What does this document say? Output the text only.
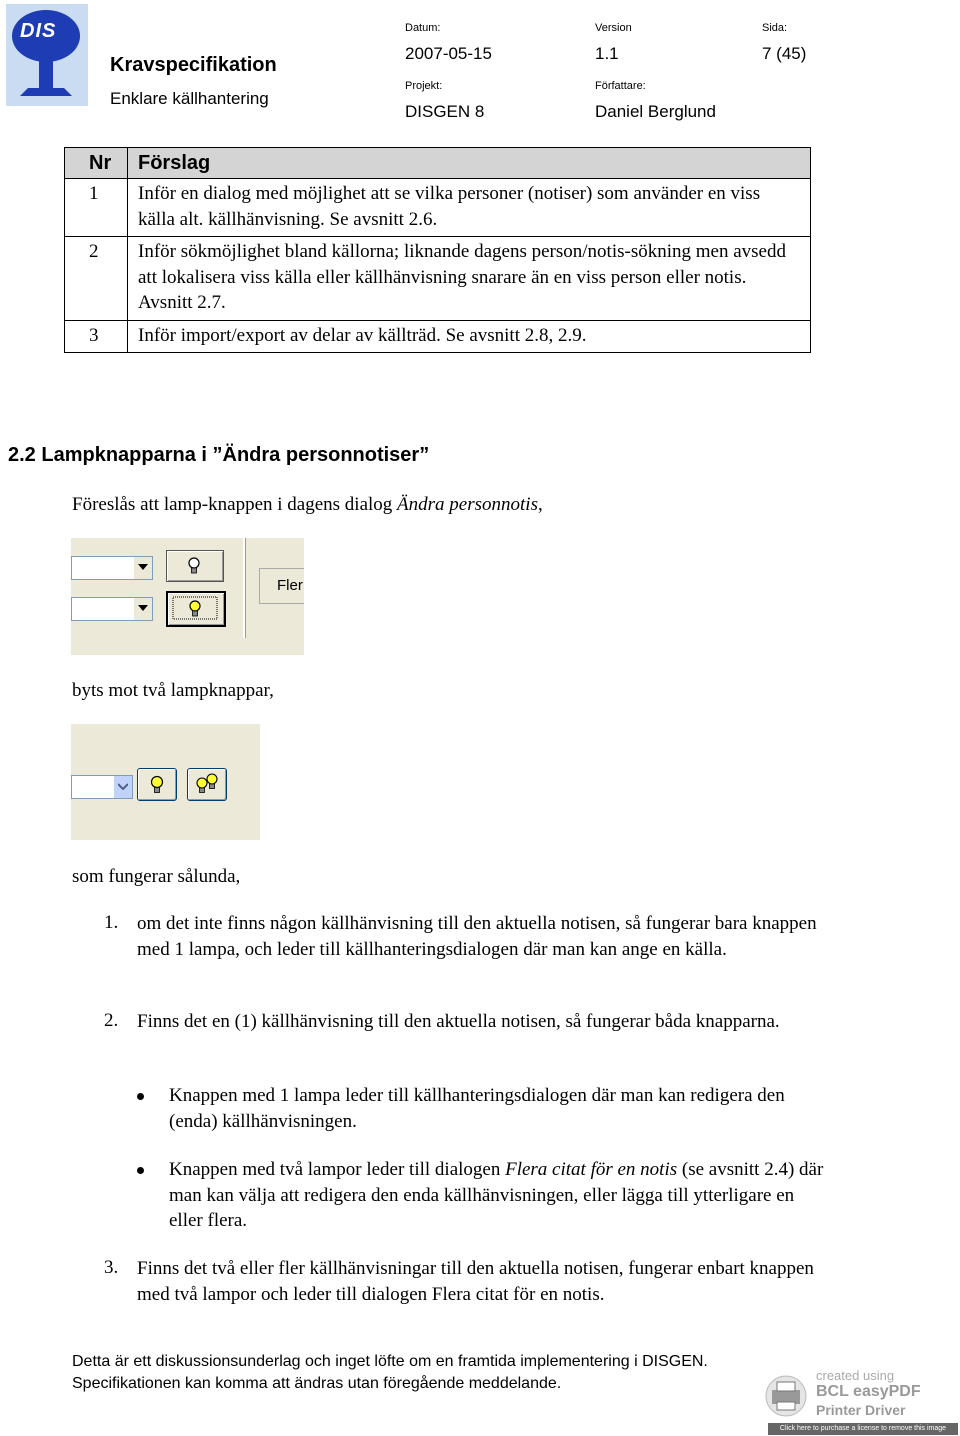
DIS
Kravspecifikation
Enklare källhantering
Datum:
2007-05-15
Version
1.1
Sida:
7 (45)
Projekt:
DISGEN 8
Författare:
Daniel Berglund
Nr	Förslag
1	Inför en dialog med möjlighet att se vilka personer (notiser) som använder en viss källa alt. källhänvisning. Se avsnitt 2.6.
2	Inför sökmöjlighet bland källorna; liknande dagens person/notis-sökning men avsedd att lokalisera viss källa eller källhänvisning snarare än en viss person eller notis. Avsnitt 2.7.
3	Inför import/export av delar av källträd. Se avsnitt 2.8, 2.9.
2.2 Lampknapparna i ”Ändra personnotiser”
Föreslås att lamp-knappen i dagens dialog Ändra personnotis,
Fler
byts mot två lampknappar,
som fungerar sålunda,
1. om det inte finns någon källhänvisning till den aktuella notisen, så fungerar bara knappen med 1 lampa, och leder till källhanteringsdialogen där man kan ange en källa.
2. Finns det en (1) källhänvisning till den aktuella notisen, så fungerar båda knapparna.
Knappen med 1 lampa leder till källhanteringsdialogen där man kan redigera den (enda) källhänvisningen.
Knappen med två lampor leder till dialogen Flera citat för en notis (se avsnitt 2.4) där man kan välja att redigera den enda källhänvisningen, eller lägga till ytterligare en eller flera.
3. Finns det två eller fler källhänvisningar till den aktuella notisen, fungerar enbart knappen med två lampor och leder till dialogen Flera citat för en notis.
Detta är ett diskussionsunderlag och inget löfte om en framtida implementering i DISGEN.
Specifikationen kan komma att ändras utan föregående meddelande.	created using
BCL easyPDF
Printer Driver
Click here to purchase a license to remove this image
